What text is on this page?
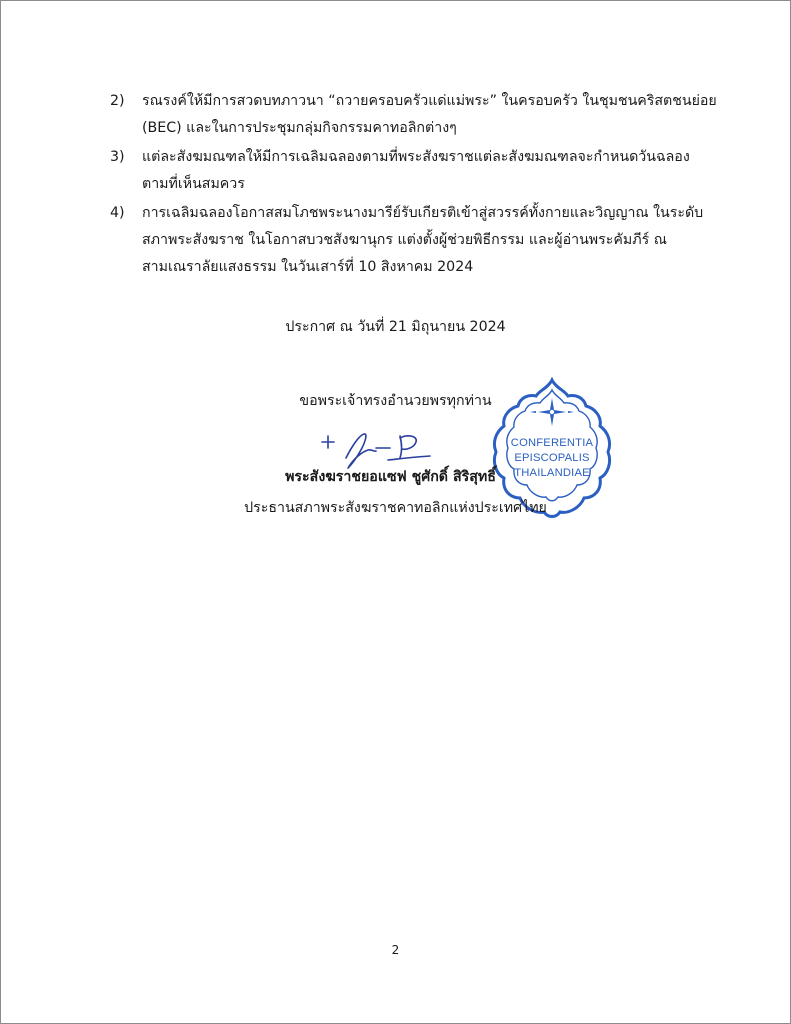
2) รณรงค์ให้มีการสวดบทภาวนา “ถวายครอบครัวแด่แม่พระ” ในครอบครัว ในชุมชนคริสตชนย่อย
(BEC) และในการประชุมกลุ่มกิจกรรมคาทอลิกต่างๆ
3) แต่ละสังฆมณฑลให้มีการเฉลิมฉลองตามที่พระสังฆราชแต่ละสังฆมณฑลจะกำหนดวันฉลอง
ตามที่เห็นสมควร
4) การเฉลิมฉลองโอกาสสมโภชพระนางมารีย์รับเกียรติเข้าสู่สวรรค์ทั้งกายและวิญญาณ ในระดับ
สภาพระสังฆราช ในโอกาสบวชสังฆานุกร แต่งตั้งผู้ช่วยพิธีกรรม และผู้อ่านพระคัมภีร์ ณ
สามเณราลัยแสงธรรม ในวันเสาร์ที่ 10 สิงหาคม 2024
ประกาศ ณ วันที่ 21 มิถุนายน 2024
ขอพระเจ้าทรงอำนวยพรทุกท่าน
CONFERENTIA
EPISCOPALIS
THAILANDIAE
พระสังฆราชยอแซฟ ชูศักดิ์ สิริสุทธิ์
ประธานสภาพระสังฆราชคาทอลิกแห่งประเทศไทย
2
